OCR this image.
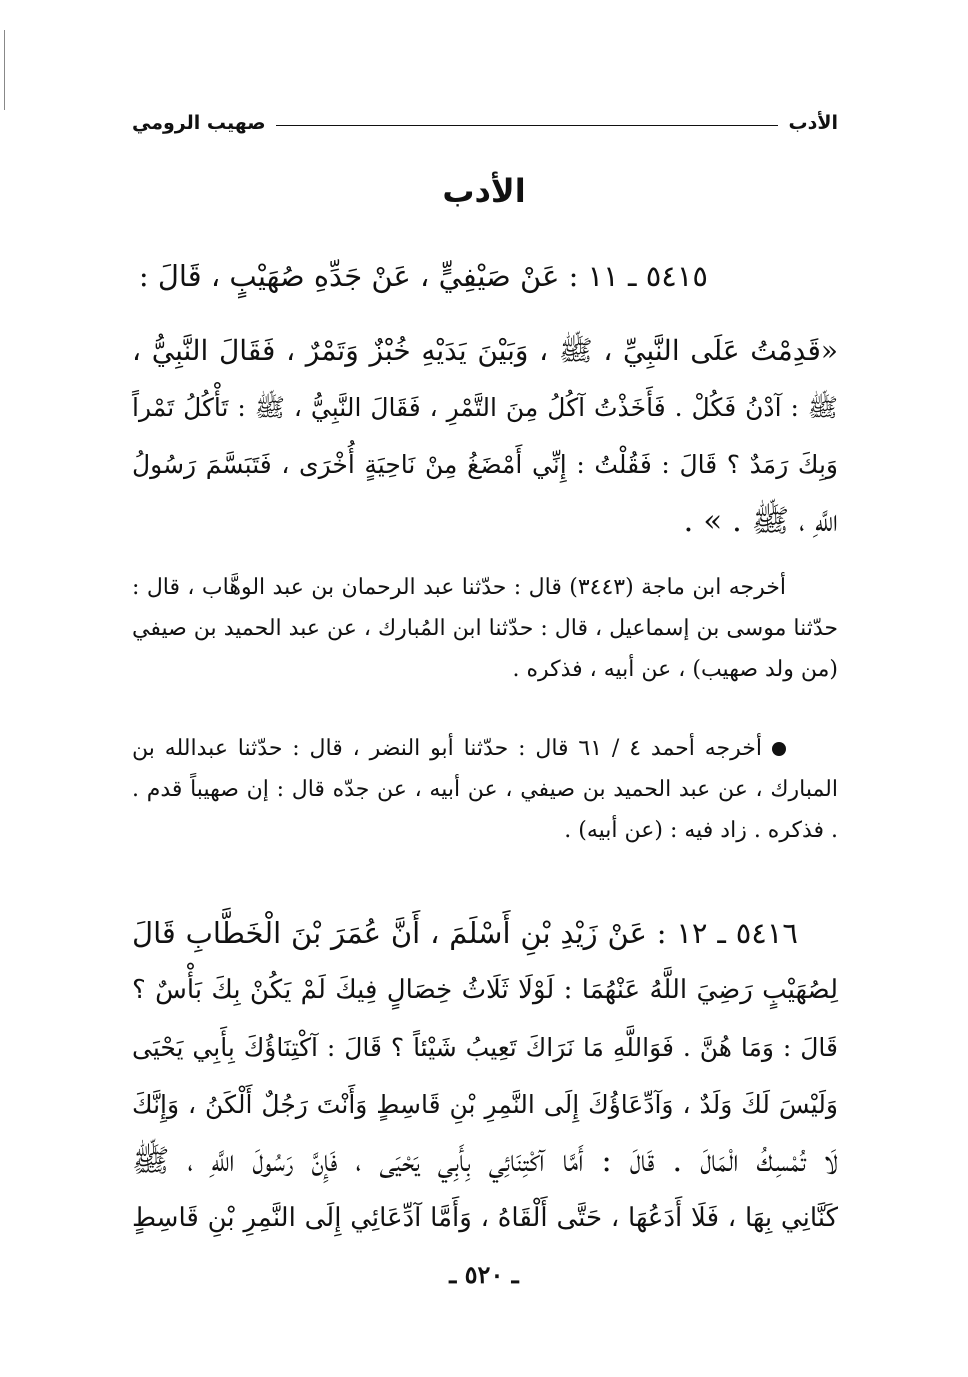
الأدب
صهيب الرومي
الأدب
٥٤١٥ ـ ١١ : عَنْ صَيْفِيٍّ ، عَنْ جَدِّهِ صُهَيْبٍ ، قَالَ :
«قَدِمْتُ عَلَى النَّبِيِّ ، ﷺ ، وَبَيْنَ يَدَيْهِ خُبْزٌ وَتَمْرٌ ، فَقَالَ النَّبِيُّ ،
ﷺ : آدْنُ فَكُلْ . فَأَخَذْتُ آكُلُ مِنَ التَّمْرِ ، فَقَالَ النَّبِيُّ ، ﷺ : تَأْكُلُ تَمْراً
وَبِكَ رَمَدٌ ؟ قَالَ : فَقُلْتُ : إِنِّي أَمْضَغُ مِنْ نَاحِيَةٍ أُخْرَى ، فَتَبَسَّمَ رَسُولُ
اللَّهِ ، ﷺ . » .
أخرجه ابن ماجة (٣٤٤٣) قال : حدّثنا عبد الرحمان بن عبد الوهَّاب ، قال : حدّثنا موسى بن إسماعيل ، قال : حدّثنا ابن المُبارك ، عن عبد الحميد بن صيفي (من ولد صهيب) ، عن أبيه ، فذكره .
أخرجه أحمد ٤ / ٦١ قال : حدّثنا أبو النضر ، قال : حدّثنا عبدالله بن المبارك ، عن عبد الحميد بن صيفي ، عن أبيه ، عن جدّه قال : إن صهيباً قدم . . فذكره . زاد فيه : (عن أبيه) .
٥٤١٦ ـ ١٢ : عَنْ زَيْدِ بْنِ أَسْلَمَ ، أَنَّ عُمَرَ بْنَ الْخَطَّابِ قَالَ
لِصُهَيْبٍ رَضِيَ اللَّهُ عَنْهُمَا : لَوْلَا ثَلَاثُ خِصَالٍ فِيكَ لَمْ يَكُنْ بِكَ بَأْسٌ ؟
قَالَ : وَمَا هُنَّ . فَوَاللَّهِ مَا نَرَاكَ تَعِيبُ شَيْئاً ؟ قَالَ : آكْتِنَاؤُكَ بِأَبِي يَحْيَى
وَلَيْسَ لَكَ وَلَدٌ ، وَآدِّعَاؤُكَ إِلَى النَّمِرِ بْنِ قَاسِطٍ وَأَنْتَ رَجُلٌ أَلْكَنُ ، وَإِنَّكَ
لَا تُمْسِكُ الْمَالَ . قَالَ : أَمَّا آكْتِنَائِي بِأَبِي يَحْيَى ، فَإِنَّ رَسُولَ اللَّهِ ، ﷺ
كَنَّانِي بِهَا ، فَلَا أَدَعُهَا ، حَتَّى أَلْقَاهُ ، وَأَمَّا آدِّعَائِي إِلَى النَّمِرِ بْنِ قَاسِطٍ
ـ ٥٢٠ ـ
